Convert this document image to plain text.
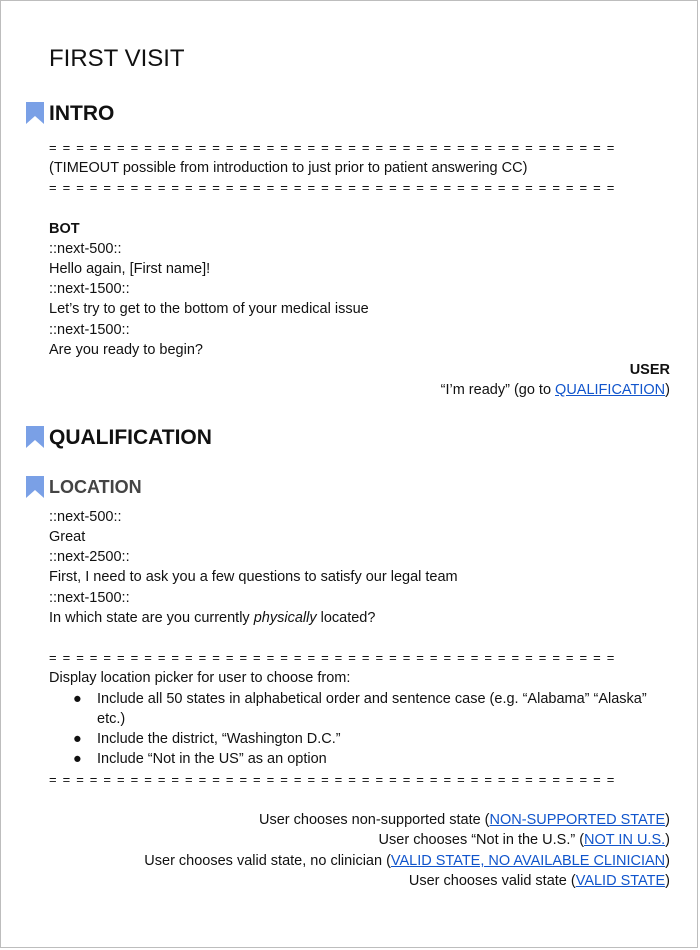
FIRST VISIT
INTRO
= = = = = = = = = = = = = = = = = = = = = = = = = = = = = = = = = = = = = = = = = =
(TIMEOUT possible from introduction to just prior to patient answering CC)
= = = = = = = = = = = = = = = = = = = = = = = = = = = = = = = = = = = = = = = = = =
BOT
::next-500::
Hello again, [First name]!
::next-1500::
Let’s try to get to the bottom of your medical issue
::next-1500::
Are you ready to begin?
USER
“I’m ready” (go to QUALIFICATION)
QUALIFICATION
LOCATION
::next-500::
Great
::next-2500::
First, I need to ask you a few questions to satisfy our legal team
::next-1500::
In which state are you currently physically located?
= = = = = = = = = = = = = = = = = = = = = = = = = = = = = = = = = = = = = = = = = =
Display location picker for user to choose from:
● Include all 50 states in alphabetical order and sentence case (e.g. “Alabama” “Alaska” etc.)
● Include the district, “Washington D.C.”
● Include “Not in the US” as an option
= = = = = = = = = = = = = = = = = = = = = = = = = = = = = = = = = = = = = = = = = =
User chooses non-supported state (NON-SUPPORTED STATE)
User chooses “Not in the U.S.” (NOT IN U.S.)
User chooses valid state, no clinician (VALID STATE, NO AVAILABLE CLINICIAN)
User chooses valid state (VALID STATE)
